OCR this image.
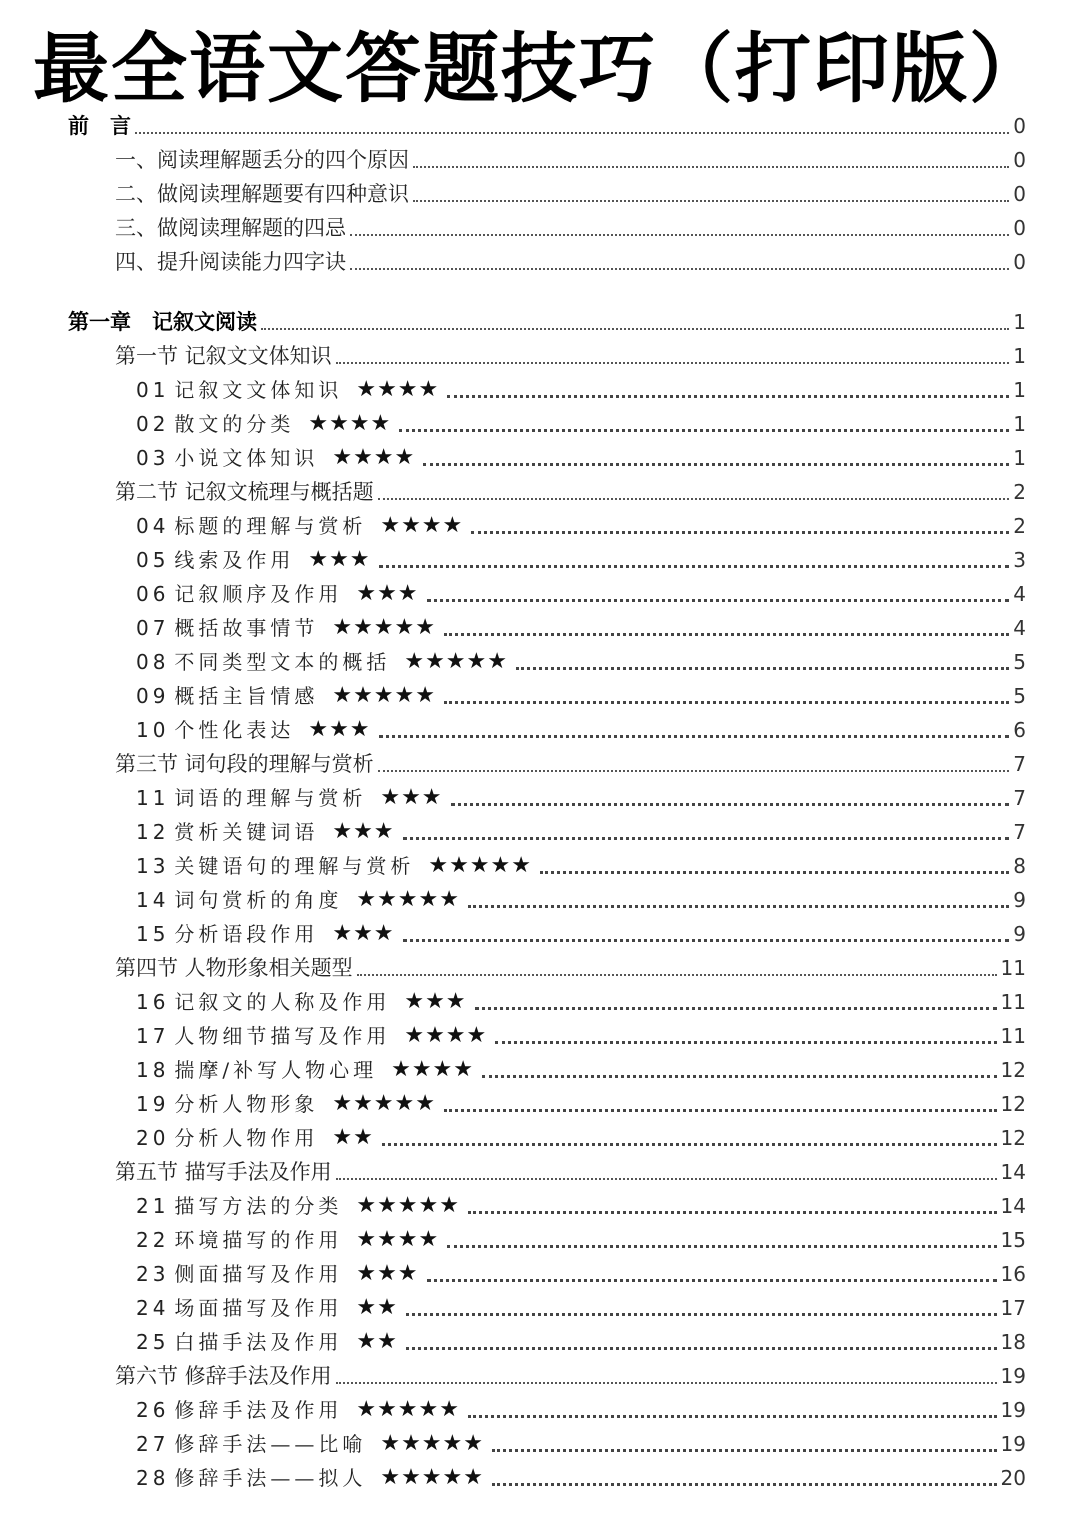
最全语文答题技巧（打印版）
前　言	0
一、阅读理解题丢分的四个原因	0
二、做阅读理解题要有四种意识	0
三、做阅读理解题的四忌	0
四、提升阅读能力四字诀	0
第一章　记叙文阅读	1
第一节 记叙文文体知识	1
01 记叙文文体知识 ★★★★	1
02 散文的分类 ★★★★	1
03 小说文体知识 ★★★★	1
第二节 记叙文梳理与概括题	2
04 标题的理解与赏析 ★★★★	2
05 线索及作用 ★★★	3
06 记叙顺序及作用 ★★★	4
07 概括故事情节 ★★★★★	4
08 不同类型文本的概括 ★★★★★	5
09 概括主旨情感 ★★★★★	5
10 个性化表达 ★★★	6
第三节 词句段的理解与赏析	7
11 词语的理解与赏析 ★★★	7
12 赏析关键词语 ★★★	7
13 关键语句的理解与赏析 ★★★★★	8
14 词句赏析的角度 ★★★★★	9
15 分析语段作用 ★★★	9
第四节 人物形象相关题型	11
16 记叙文的人称及作用 ★★★	11
17 人物细节描写及作用 ★★★★	11
18 揣摩/补写人物心理 ★★★★	12
19 分析人物形象 ★★★★★	12
20 分析人物作用 ★★	12
第五节 描写手法及作用	14
21 描写方法的分类 ★★★★★	14
22 环境描写的作用 ★★★★	15
23 侧面描写及作用 ★★★	16
24 场面描写及作用 ★★	17
25 白描手法及作用 ★★	18
第六节 修辞手法及作用	19
26 修辞手法及作用 ★★★★★	19
27 修辞手法——比喻 ★★★★★	19
28 修辞手法——拟人 ★★★★★	20
